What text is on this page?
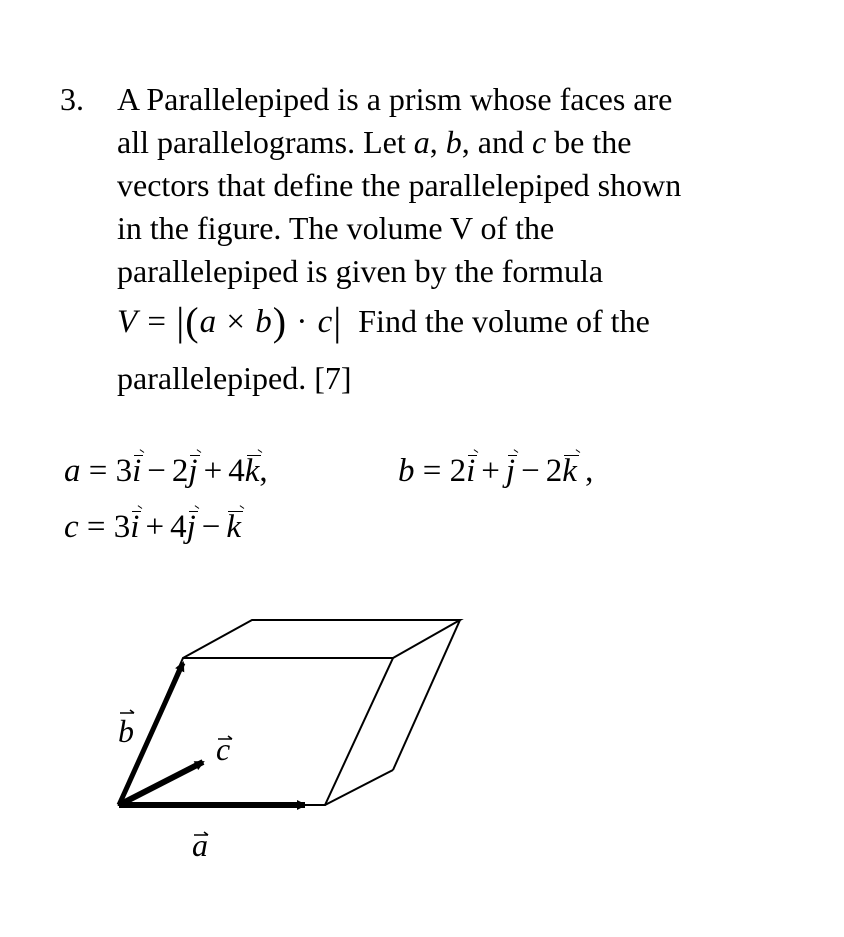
3. A Parallelepiped is a prism whose faces are
all parallelograms. Let a, b, and c be the
vectors that define the parallelepiped shown
in the figure. The volume V of the
parallelepiped is given by the formula
V = |(a × b) · c| Find the volume of the
parallelepiped. [7]
a = 3i − 2j + 4k,	b = 2i + j − 2k ,
c = 3i + 4j − k
b	c
a
